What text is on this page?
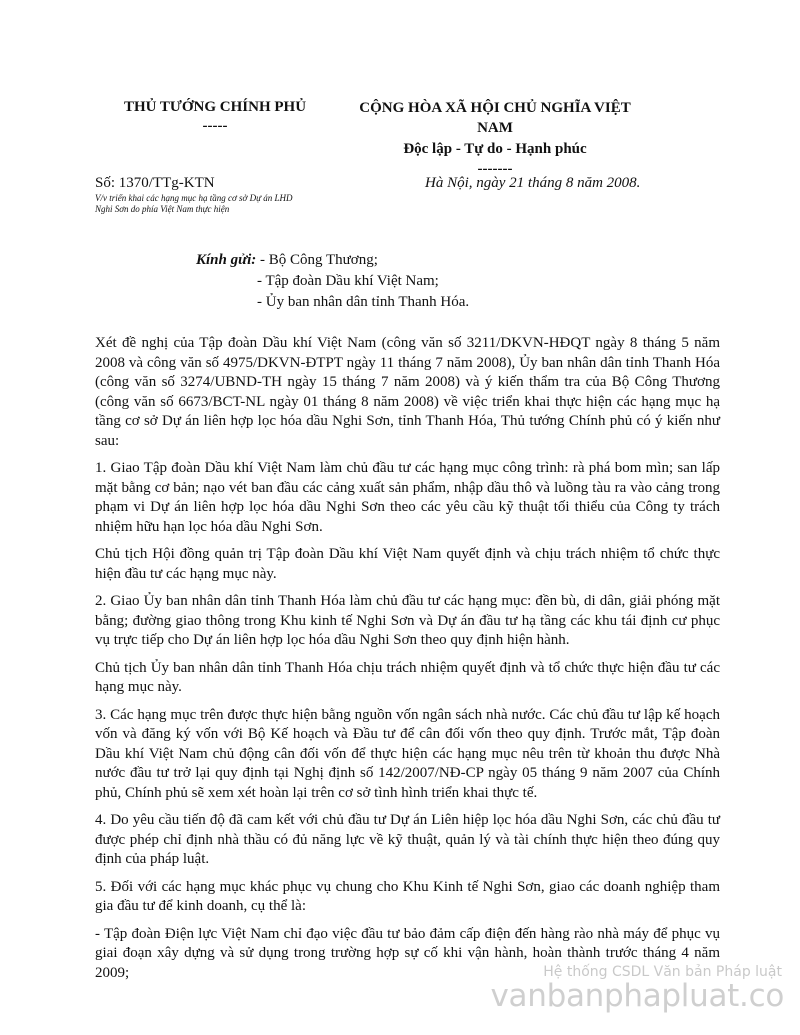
THỦ TƯỚNG CHÍNH PHỦ
-----
CỘNG HÒA XÃ HỘI CHỦ NGHĨA VIỆT
NAM
Độc lập - Tự do - Hạnh phúc
-------
Số: 1370/TTg-KTN	Hà Nội, ngày 21 tháng 8 năm 2008.
V/v triển khai các hạng mục hạ tầng cơ sở Dự án LHD
Nghi Sơn do phía Việt Nam thực hiện
Kính gửi: - Bộ Công Thương;
- Tập đoàn Dầu khí Việt Nam;
- Ủy ban nhân dân tỉnh Thanh Hóa.

Xét đề nghị của Tập đoàn Dầu khí Việt Nam (công văn số 3211/DKVN-HĐQT ngày 8 tháng 5 năm 2008 và công văn số 4975/DKVN-ĐTPT ngày 11 tháng 7 năm 2008), Ủy ban nhân dân tỉnh Thanh Hóa (công văn số 3274/UBND-TH ngày 15 tháng 7 năm 2008) và ý kiến thẩm tra của Bộ Công Thương (công văn số 6673/BCT-NL ngày 01 tháng 8 năm 2008) về việc triển khai thực hiện các hạng mục hạ tầng cơ sở Dự án liên hợp lọc hóa dầu Nghi Sơn, tỉnh Thanh Hóa, Thủ tướng Chính phủ có ý kiến như sau:

1. Giao Tập đoàn Dầu khí Việt Nam làm chủ đầu tư các hạng mục công trình: rà phá bom mìn; san lấp mặt bằng cơ bản; nạo vét ban đầu các cảng xuất sản phẩm, nhập dầu thô và luồng tàu ra vào cảng trong phạm vi Dự án liên hợp lọc hóa dầu Nghi Sơn theo các yêu cầu kỹ thuật tối thiểu của Công ty trách nhiệm hữu hạn lọc hóa dầu Nghi Sơn.

Chủ tịch Hội đồng quản trị Tập đoàn Dầu khí Việt Nam quyết định và chịu trách nhiệm tổ chức thực hiện đầu tư các hạng mục này.

2. Giao Ủy ban nhân dân tỉnh Thanh Hóa làm chủ đầu tư các hạng mục: đền bù, di dân, giải phóng mặt bằng; đường giao thông trong Khu kinh tế Nghi Sơn và Dự án đầu tư hạ tầng các khu tái định cư phục vụ trực tiếp cho Dự án liên hợp lọc hóa dầu Nghi Sơn theo quy định hiện hành.

Chủ tịch Ủy ban nhân dân tỉnh Thanh Hóa chịu trách nhiệm quyết định và tổ chức thực hiện đầu tư các hạng mục này.

3. Các hạng mục trên được thực hiện bằng nguồn vốn ngân sách nhà nước. Các chủ đầu tư lập kế hoạch vốn và đăng ký vốn với Bộ Kế hoạch và Đầu tư để cân đối vốn theo quy định. Trước mắt, Tập đoàn Dầu khí Việt Nam chủ động cân đối vốn để thực hiện các hạng mục nêu trên từ khoản thu được Nhà nước đầu tư trở lại quy định tại Nghị định số 142/2007/NĐ-CP ngày 05 tháng 9 năm 2007 của Chính phủ, Chính phủ sẽ xem xét hoàn lại trên cơ sở tình hình triển khai thực tế.

4. Do yêu cầu tiến độ đã cam kết với chủ đầu tư Dự án Liên hiệp lọc hóa dầu Nghi Sơn, các chủ đầu tư được phép chỉ định nhà thầu có đủ năng lực về kỹ thuật, quản lý và tài chính thực hiện theo đúng quy định của pháp luật.

5. Đối với các hạng mục khác phục vụ chung cho Khu Kinh tế Nghi Sơn, giao các doanh nghiệp tham gia đầu tư để kinh doanh, cụ thể là:

- Tập đoàn Điện lực Việt Nam chỉ đạo việc đầu tư bảo đảm cấp điện đến hàng rào nhà máy để phục vụ giai đoạn xây dựng và sử dụng trong trường hợp sự cố khi vận hành, hoàn thành trước tháng 4 năm 2009;	Hệ thống CSDL Văn bản Pháp luật
vanbanphapluat.co
